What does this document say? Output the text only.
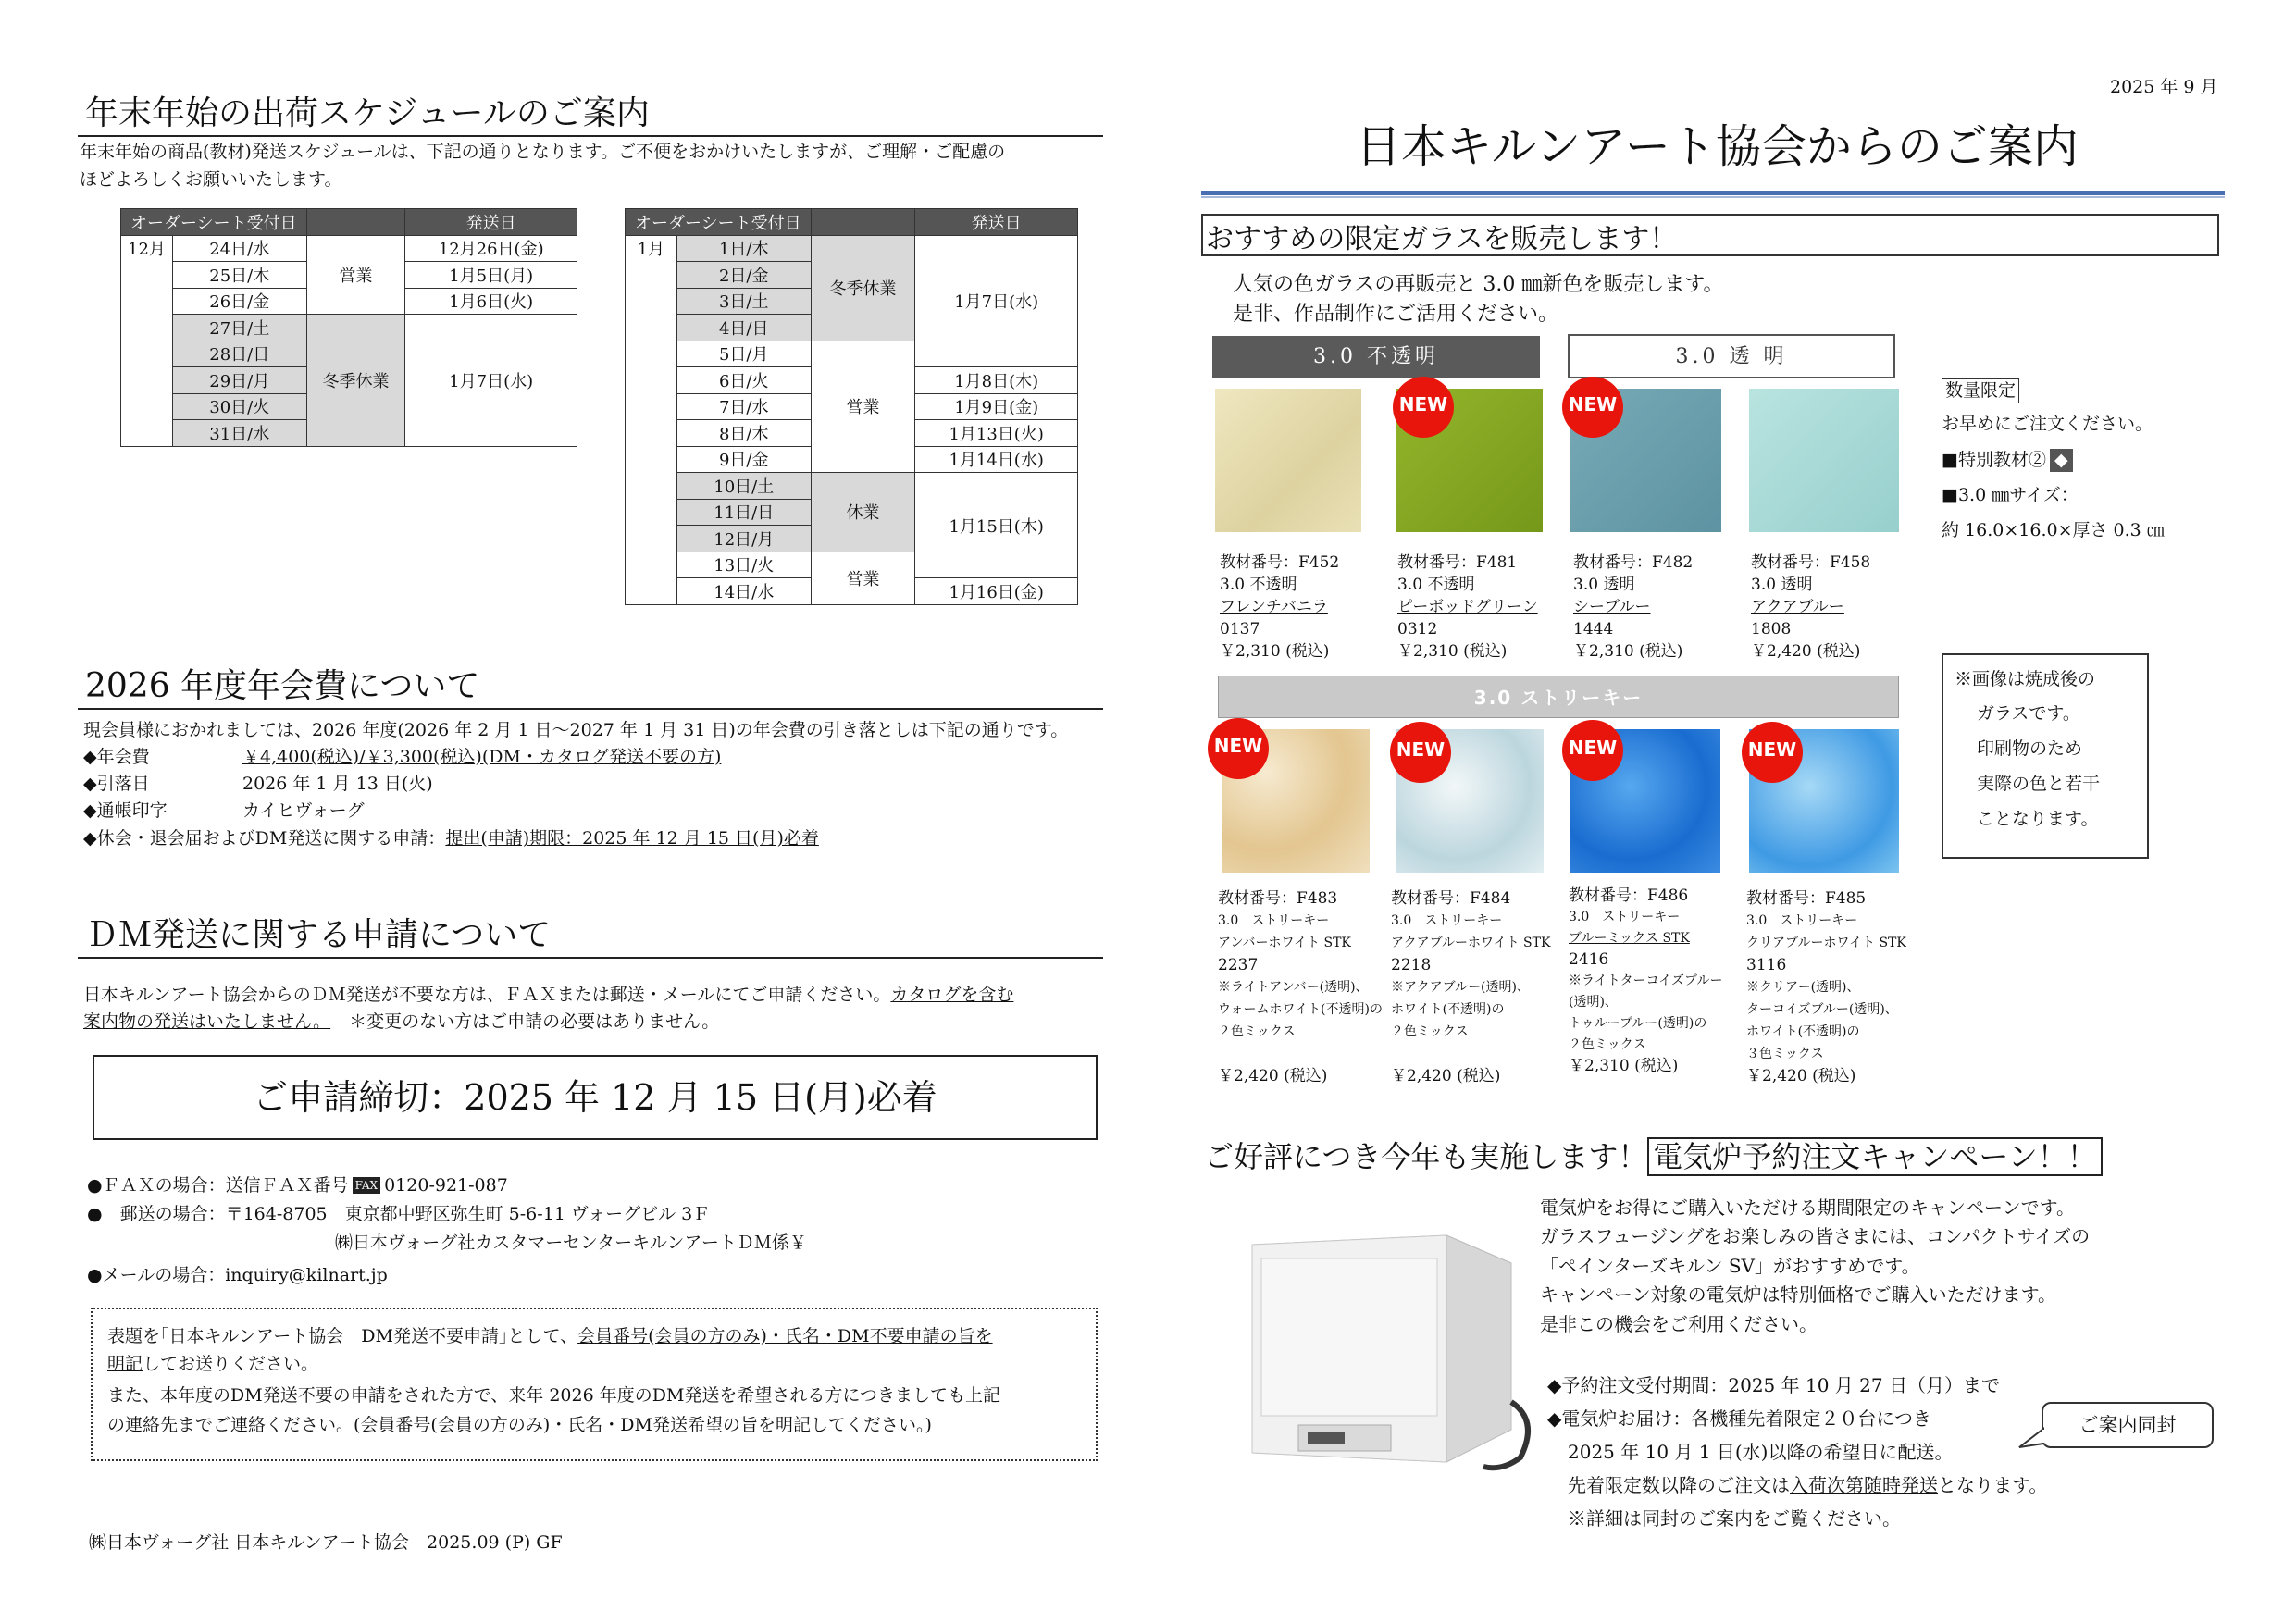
年末年始の出荷スケジュールのご案内
年末年始の商品(教材)発送スケジュールは、下記の通りとなります。ご不便をおかけいたしますが、ご理解・ご配慮の
ほどよろしくお願いいたします。
オーダーシート受付日			発送日
12月	24日/水	営業	12月26日(金)
	25日/木		1月5日(月)
	26日/金		1月6日(火)
	27日/土	冬季休業	1月7日(水)
	28日/日		
	29日/月		
	30日/火		
	31日/水		
オーダーシート受付日			発送日
1月	1日/木	冬季休業	1月7日(水)
	2日/金		
	3日/土		
	4日/日		
	5日/月	営業	
	6日/火		1月8日(木)
	7日/水		1月9日(金)
	8日/木		1月13日(火)
	9日/金		1月14日(水)
	10日/土	休業	1月15日(木)
	11日/日		
	12日/月		
	13日/火	営業	
	14日/水		1月16日(金)
2026 年度年会費について
現会員様におかれましては、2026 年度(2026 年 2 月 1 日～2027 年 1 月 31 日)の年会費の引き落としは下記の通りです。
◆年会費	￥4,400(税込)/￥3,300(税込)(DM・カタログ発送不要の方)
◆引落日	2026 年 1 月 13 日(火)
◆通帳印字	カイヒヴォーグ
◆休会・退会届およびDM発送に関する申請：提出(申請)期限：2025 年 12 月 15 日(月)必着
ＤＭ発送に関する申請について
日本キルンアート協会からのＤＭ発送が不要な方は、ＦＡＸまたは郵送・メールにてご申請ください。カタログを含む
案内物の発送はいたしません。 ＊変更のない方はご申請の必要はありません。
ご申請締切：2025 年 12 月 15 日(月)必着
●ＦＡＸの場合：送信ＦＡＸ番号 FAX 0120-921-087
●　郵送の場合：〒164-8705　東京都中野区弥生町 5-6-11 ヴォーグビル 3Ｆ
㈱日本ヴォーグ社カスタマーセンターキルンアートＤＭ係￥
●メールの場合：inquiry@kilnart.jp
表題を｢日本キルンアート協会　DM発送不要申請｣として、会員番号(会員の方のみ)・氏名・DM不要申請の旨を
明記してお送りください。
また、本年度のDM発送不要の申請をされた方で、来年 2026 年度のDM発送を希望される方につきましても上記
の連絡先までご連絡ください。(会員番号(会員の方のみ)・氏名・DM発送希望の旨を明記してください。)
㈱日本ヴォーグ社 日本キルンアート協会　2025.09 (P) GF
2025 年 9 月
日本キルンアート協会からのご案内
おすすめの限定ガラスを販売します！
人気の色ガラスの再販売と 3.0 ㎜新色を販売します。
是非、作品制作にご活用ください。
3.0 不透明	3.0 透 明
NEW	NEW
教材番号：F452
3.0 不透明
フレンチバニラ
0137
￥2,310 (税込)
教材番号：F481
3.0 不透明
ピーボッドグリーン
0312
￥2,310 (税込)
教材番号：F482
3.0 透明
シーブルー
1444
￥2,310 (税込)
教材番号：F458
3.0 透明
アクアブルー
1808
￥2,420 (税込)
数量限定
お早めにご注文ください。
■特別教材② ◆
■3.0 ㎜サイズ：
約 16.0×16.0×厚さ 0.3 ㎝
3.0 ストリーキー
※画像は焼成後の
ガラスです。
印刷物のため
実際の色と若干
ことなります。
NEW	NEW	NEW	NEW
教材番号：F483
3.0　ストリーキー
アンバーホワイト STK
2237
※ライトアンバー(透明)、
ウォームホワイト(不透明)の
２色ミックス
￥2,420 (税込)
教材番号：F484
3.0　ストリーキー
アクアブルーホワイト STK
2218
※アクアブルー(透明)、
ホワイト(不透明)の
２色ミックス
￥2,420 (税込)
教材番号：F486
3.0　ストリーキー
ブルーミックス STK
2416
※ライトターコイズブルー
(透明)、
トゥルーブルー(透明)の
２色ミックス
￥2,310 (税込)
教材番号：F485
3.0　ストリーキー
クリアブルーホワイト STK
3116
※クリアー(透明)、
ターコイズブルー(透明)、
ホワイト(不透明)の
３色ミックス
￥2,420 (税込)
ご好評につき今年も実施します！ 電気炉予約注文キャンペーン！！
電気炉をお得にご購入いただける期間限定のキャンペーンです。
ガラスフュージングをお楽しみの皆さまには、コンパクトサイズの
「ペインターズキルン SV」がおすすめです。
キャンペーン対象の電気炉は特別価格でご購入いただけます。
是非この機会をご利用ください。
◆予約注文受付期間：2025 年 10 月 27 日（月）まで
◆電気炉お届け：各機種先着限定２０台につき
2025 年 10 月 1 日(水)以降の希望日に配送。
先着限定数以降のご注文は入荷次第随時発送となります。
※詳細は同封のご案内をご覧ください。
ご案内同封
